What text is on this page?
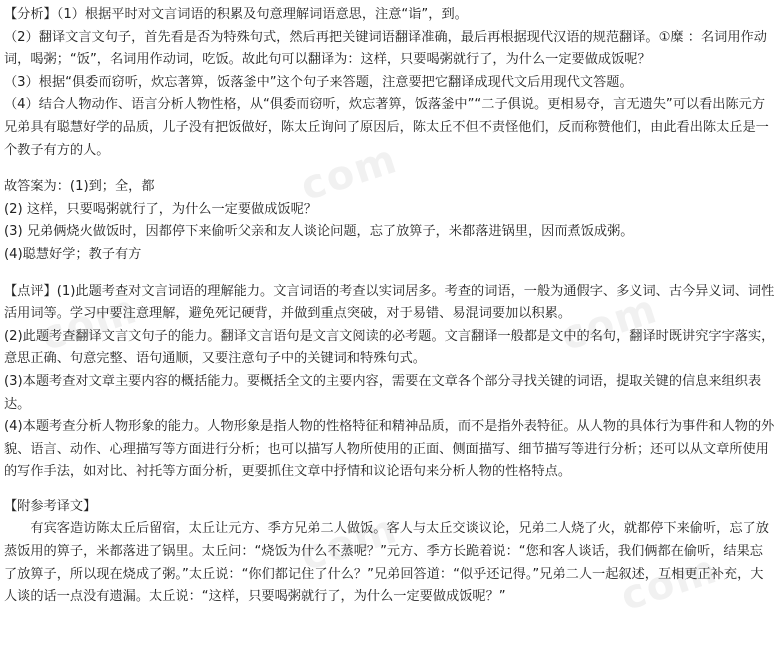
com
com	com
com
com

【分析】（1）根据平时对文言词语的积累及句意理解词语意思，注意“诣”，到。

（2）翻译文言文句子，首先看是否为特殊句式，然后再把关键词语翻译准确，最后再根据现代汉语的规范翻译。①糜 ：名词用作动词，喝粥；“饭”，名词用作动词，吃饭。故此句可以翻译为：这样，只要喝粥就行了，为什么一定要做成饭呢？

（3）根据“俱委而窃听，炊忘著箅，饭落釜中”这个句子来答题，注意要把它翻译成现代文后用现代文答题。

（4）结合人物动作、语言分析人物性格，从“俱委而窃听，炊忘著箅，饭落釜中”“二子俱说。更相易夺，言无遗失”可以看出陈元方兄弟具有聪慧好学的品质，儿子没有把饭做好，陈太丘询问了原因后，陈太丘不但不责怪他们，反而称赞他们，由此看出陈太丘是一个教子有方的人。

故答案为：(1)到；全，都

(2) 这样，只要喝粥就行了，为什么一定要做成饭呢？

(3) 兄弟俩烧火做饭时，因都停下来偷听父亲和友人谈论问题，忘了放箅子，米都落进锅里，因而煮饭成粥。

(4)聪慧好学；教子有方

【点评】(1)此题考查对文言词语的理解能力。文言词语的考查以实词居多。考查的词语，一般为通假字、多义词、古今异义词、词性活用词等。学习中要注意理解，避免死记硬背，并做到重点突破，对于易错、易混词要加以积累。

(2)此题考查翻译文言文句子的能力。翻译文言语句是文言文阅读的必考题。文言翻译一般都是文中的名句，翻译时既讲究字字落实，意思正确、句意完整、语句通顺，又要注意句子中的关键词和特殊句式。

(3)本题考查对文章主要内容的概括能力。要概括全文的主要内容，需要在文章各个部分寻找关键的词语，提取关键的信息来组织表达。

(4)本题考查分析人物形象的能力。人物形象是指人物的性格特征和精神品质，而不是指外表特征。从人物的具体行为事件和人物的外貌、语言、动作、心理描写等方面进行分析；也可以描写人物所使用的正面、侧面描写、细节描写等进行分析；还可以从文章所使用的写作手法，如对比、衬托等方面分析，更要抓住文章中抒情和议论语句来分析人物的性格特点。

【附参考译文】

有宾客造访陈太丘后留宿，太丘让元方、季方兄弟二人做饭。客人与太丘交谈议论，兄弟二人烧了火，就都停下来偷听，忘了放蒸饭用的箅子，米都落进了锅里。太丘问：“烧饭为什么不蒸呢？”元方、季方长跪着说：“您和客人谈话，我们俩都在偷听，结果忘了放箅子，所以现在烧成了粥。”太丘说：“你们都记住了什么？”兄弟回答道：“似乎还记得。”兄弟二人一起叙述，互相更正补充，大人谈的话一点没有遗漏。太丘说：“这样，只要喝粥就行了，为什么一定要做成饭呢？”
